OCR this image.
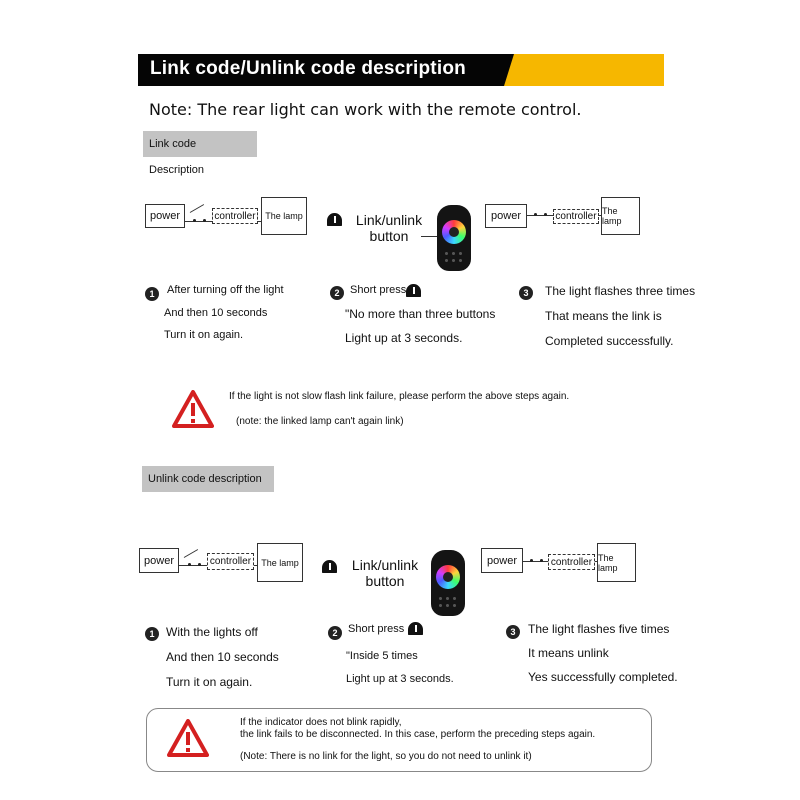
Link code/Unlink code description
Note: The rear light can work with the remote control.
Link code Description
power	controller	The lamp	Link/unlink
button
power	controller The lamp
1	After turning off the light
And then 10 seconds
Turn it on again.
2 Short press
"No more than three buttons
Light up at 3 seconds.
3	The light flashes three times
That means the link is
Completed successfully.
If the light is not slow flash link failure, please perform the above steps again.
(note: the linked lamp can't again link)
Unlink code description
power	controller	The lamp	Link/unlink
button
power	controller The lamp
1 With the lights off
And then 10 seconds
Turn it on again.
2 Short press
"Inside 5 times
Light up at 3 seconds.
3	The light flashes five times
It means unlink
Yes successfully completed.
If the indicator does not blink rapidly,
the link fails to be disconnected. In this case, perform the preceding steps again.
(Note: There is no link for the light, so you do not need to unlink it)
